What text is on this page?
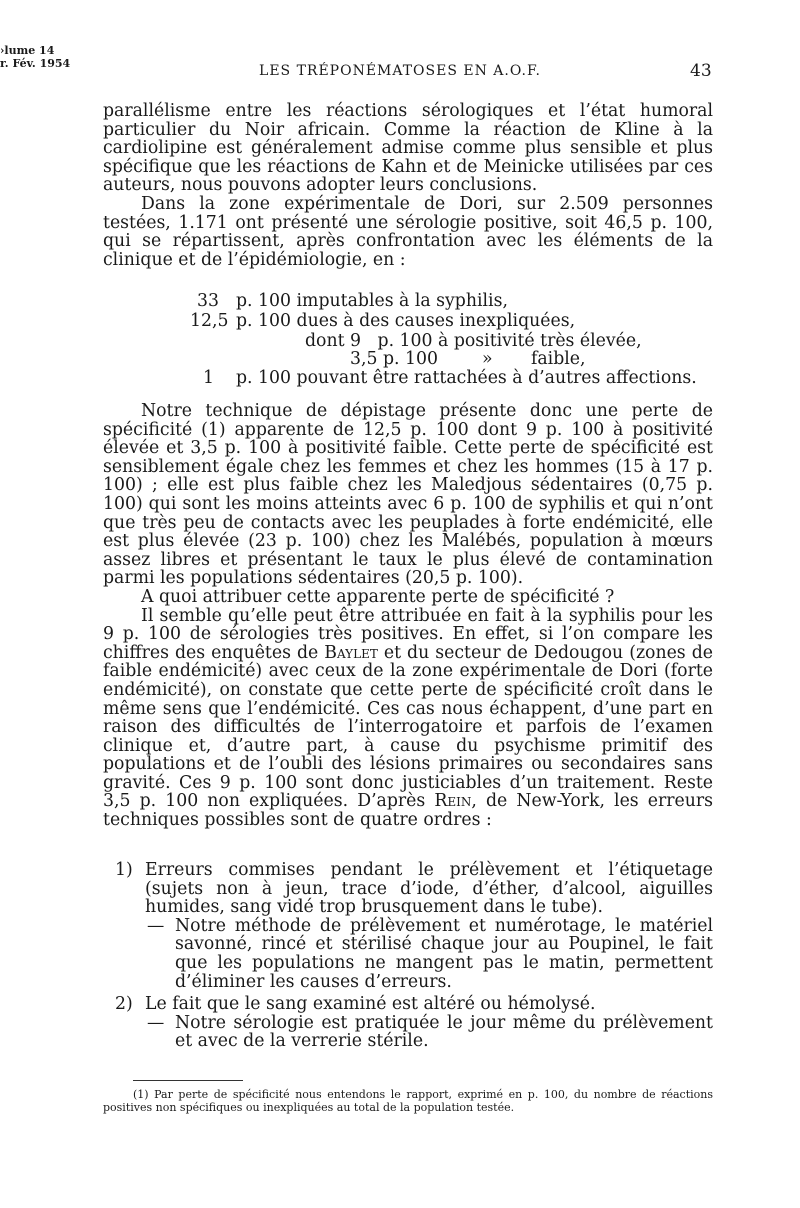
›lume 14
r. Fév. 1954	LES TRÉPONÉMATOSES EN A.O.F.	43

parallélisme entre les réactions sérologiques et l’état humoral particulier du Noir africain. Comme la réaction de Kline à la cardiolipine est généralement admise comme plus sensible et plus spécifique que les réactions de Kahn et de Meinicke utilisées par ces auteurs, nous pouvons adopter leurs conclusions.

Dans la zone expérimentale de Dori, sur 2.509 personnes testées, 1.171 ont présenté une sérologie positive, soit 46,5 p. 100, qui se répartissent, après confrontation avec les éléments de la clinique et de l’épidémiologie, en :

33 p. 100 imputables à la syphilis,
12,5 p. 100 dues à des causes inexpliquées,
dont 9   p. 100 à positivité très élevée,
3,5 p. 100        »       faible,
1 p. 100 pouvant être rattachées à d’autres affections.

Notre technique de dépistage présente donc une perte de spécificité (1) apparente de 12,5 p. 100 dont 9 p. 100 à positivité élevée et 3,5 p. 100 à positivité faible. Cette perte de spécificité est sensiblement égale chez les femmes et chez les hommes (15 à 17 p. 100) ; elle est plus faible chez les Maledjous sédentaires (0,75 p. 100) qui sont les moins atteints avec 6 p. 100 de syphilis et qui n’ont que très peu de contacts avec les peuplades à forte endémicité, elle est plus élevée (23 p. 100) chez les Malébés, population à mœurs assez libres et présentant le taux le plus élevé de contamination parmi les populations sédentaires (20,5 p. 100).

A quoi attribuer cette apparente perte de spécificité ?

Il semble qu’elle peut être attribuée en fait à la syphilis pour les 9 p. 100 de sérologies très positives. En effet, si l’on compare les chiffres des enquêtes de Baylet et du secteur de Dedougou (zones de faible endémicité) avec ceux de la zone expérimentale de Dori (forte endémicité), on constate que cette perte de spécificité croît dans le même sens que l’endémicité. Ces cas nous échappent, d’une part en raison des difficultés de l’interrogatoire et parfois de l’examen clinique et, d’autre part, à cause du psychisme primitif des populations et de l’oubli des lésions primaires ou secondaires sans gravité. Ces 9 p. 100 sont donc justiciables d’un traitement. Reste 3,5 p. 100 non expliquées. D’après Rein, de New-York, les erreurs techniques possibles sont de quatre ordres :

1) Erreurs commises pendant le prélèvement et l’étiquetage (sujets non à jeun, trace d’iode, d’éther, d’alcool, aiguilles humides, sang vidé trop brusquement dans le tube).
— Notre méthode de prélèvement et numérotage, le matériel savonné, rincé et stérilisé chaque jour au Poupinel, le fait que les populations ne mangent pas le matin, permettent d’éliminer les causes d’erreurs.
2) Le fait que le sang examiné est altéré ou hémolysé.
— Notre sérologie est pratiquée le jour même du prélèvement et avec de la verrerie stérile.

(1) Par perte de spécificité nous entendons le rapport, exprimé en p. 100, du nombre de réactions positives non spécifiques ou inexpliquées au total de la population testée.
